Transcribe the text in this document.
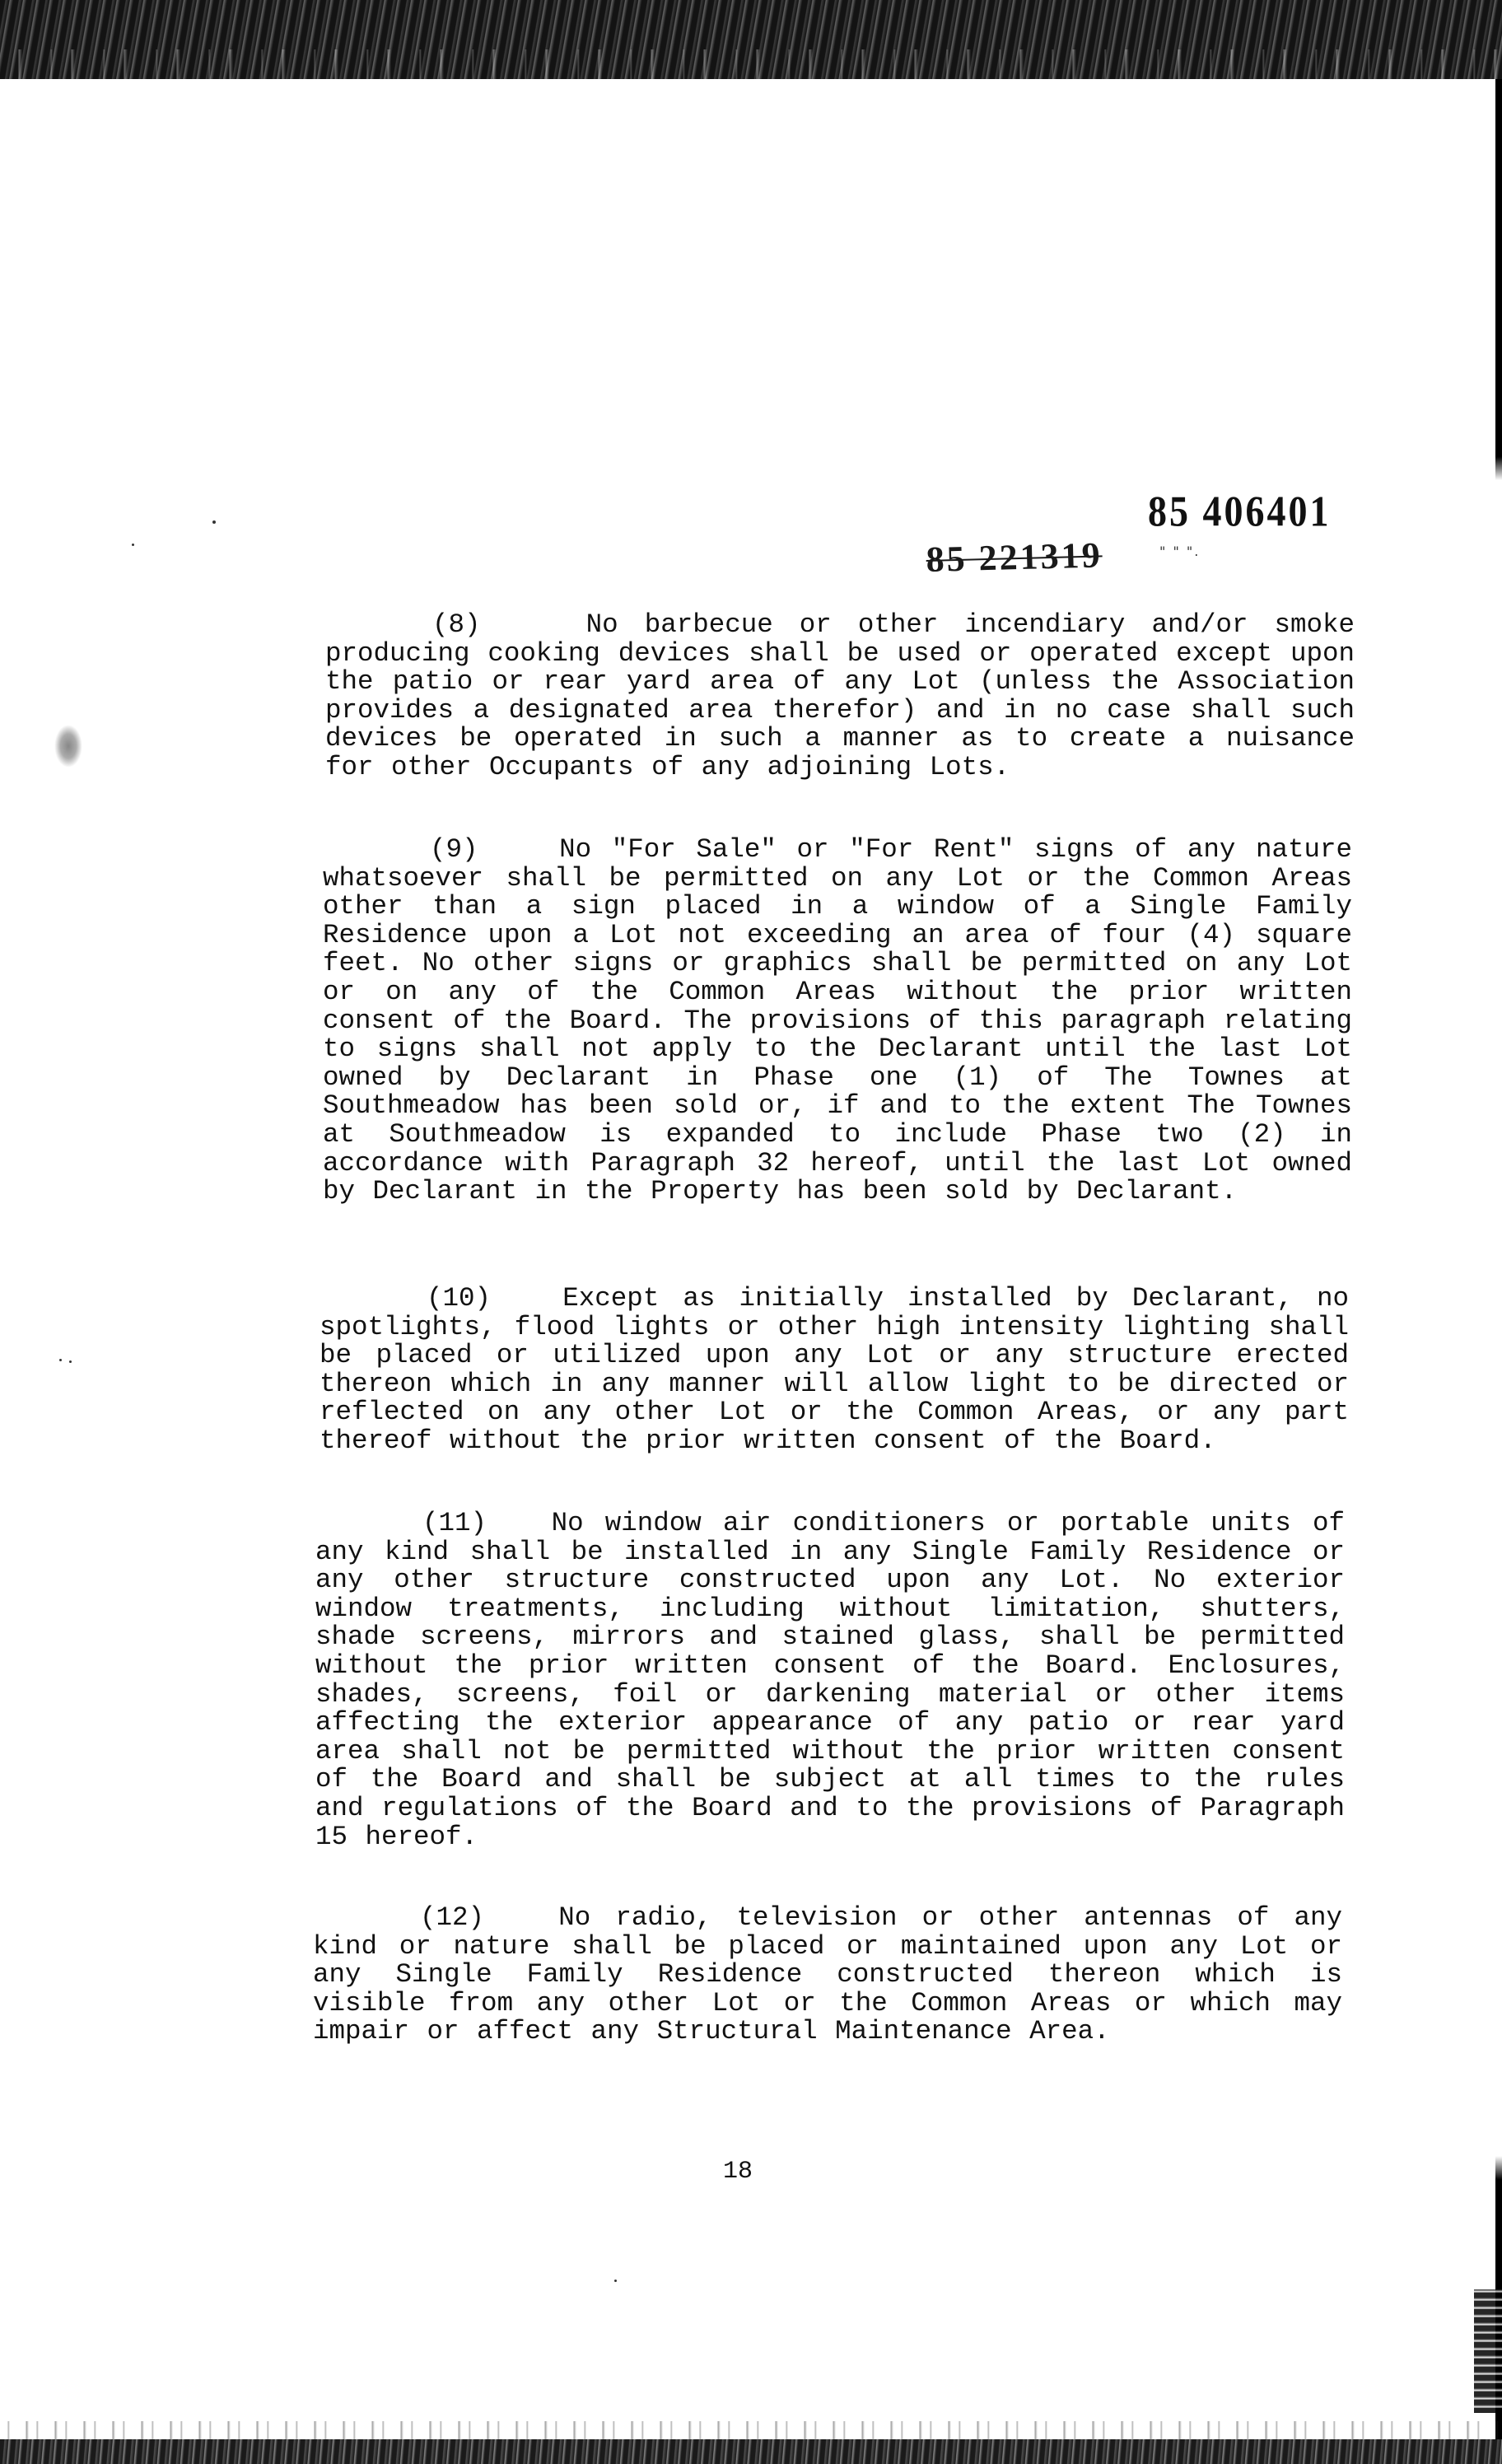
85 406401
85 221319	" " ".
(8)	No barbecue or other incendiary and/or smoke producing cooking devices shall be used or operated except upon the patio or rear yard area of any Lot (unless the Association provides a designated area therefor) and in no case shall such devices be operated in such a manner as to create a nuisance for other Occupants of any adjoining Lots.
(9)	No "For Sale" or "For Rent" signs of any nature whatsoever shall be permitted on any Lot or the Common Areas other than a sign placed in a window of a Single Family Residence upon a Lot not exceeding an area of four (4) square feet. No other signs or graphics shall be permitted on any Lot or on any of the Common Areas without the prior written consent of the Board. The provisions of this paragraph relating to signs shall not apply to the Declarant until the last Lot owned by Declarant in Phase one (1) of The Townes at Southmeadow has been sold or, if and to the extent The Townes at Southmeadow is expanded to include Phase two (2) in accordance with Paragraph 32 hereof, until the last Lot owned by Declarant in the Property has been sold by Declarant.
(10)	Except as initially installed by Declarant, no spotlights, flood lights or other high intensity lighting shall be placed or utilized upon any Lot or any structure erected thereon which in any manner will allow light to be directed or reflected on any other Lot or the Common Areas, or any part thereof without the prior written consent of the Board.
(11) No window air conditioners or portable units of any kind shall be installed in any Single Family Residence or any other structure constructed upon any Lot. No exterior window treatments, including without limitation, shutters, shade screens, mirrors and stained glass, shall be permitted without the prior written consent of the Board. Enclosures, shades, screens, foil or darkening material or other items affecting the exterior appearance of any patio or rear yard area shall not be permitted without the prior written consent of the Board and shall be subject at all times to the rules and regulations of the Board and to the provisions of Paragraph 15 hereof.
(12)	No radio, television or other antennas of any kind or nature shall be placed or maintained upon any Lot or any Single Family Residence constructed thereon which is visible from any other Lot or the Common Areas or which may impair or affect any Structural Maintenance Area.
18
